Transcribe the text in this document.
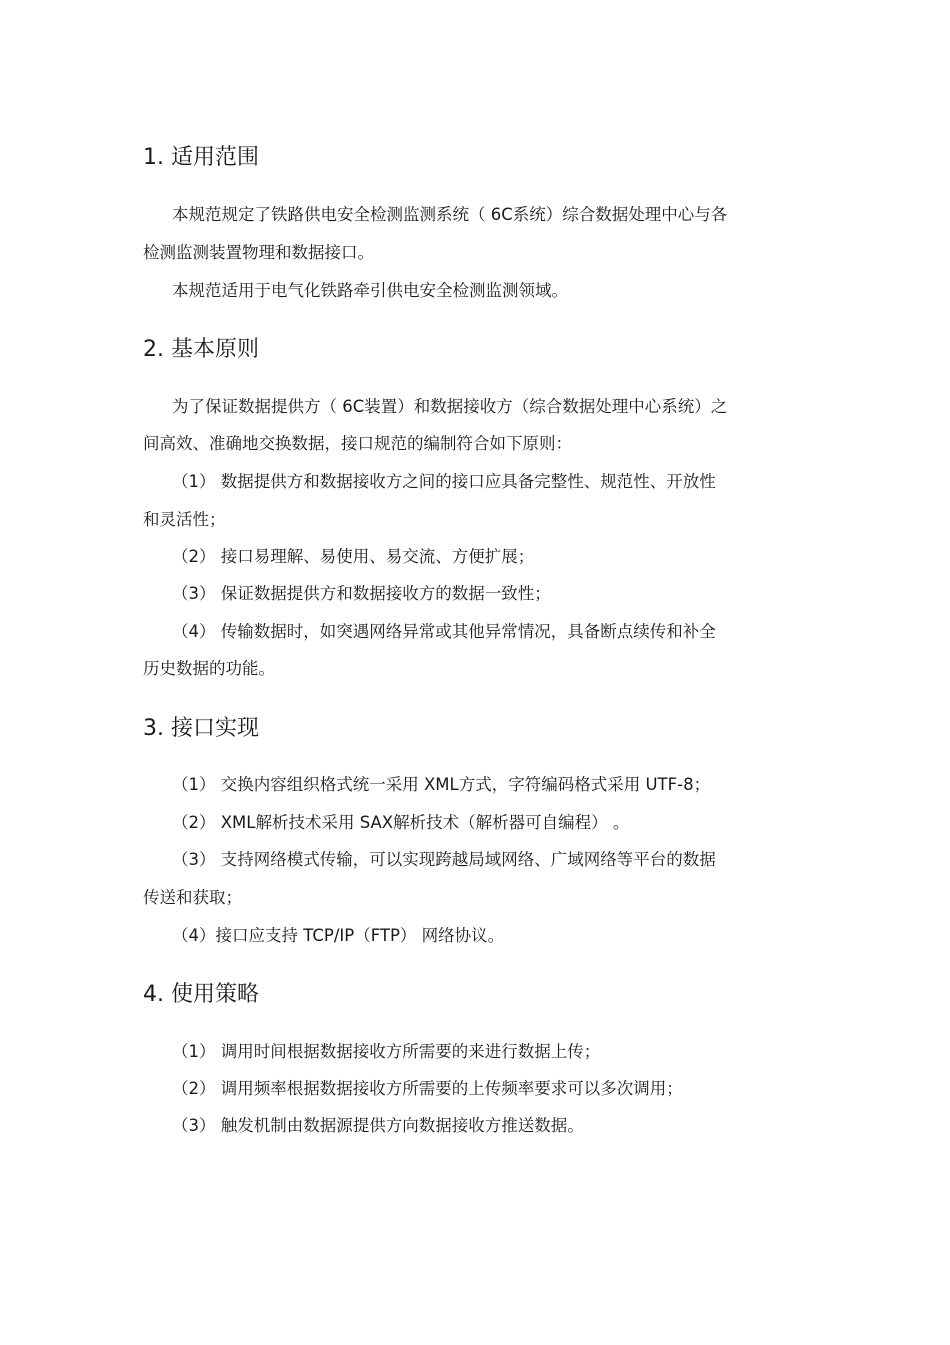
1. 适用范围
本规范规定了铁路供电安全检测监测系统（ 6C系统）综合数据处理中心与各
检测监测装置物理和数据接口。
本规范适用于电气化铁路牵引供电安全检测监测领域。
2. 基本原则
为了保证数据提供方（ 6C装置）和数据接收方（综合数据处理中心系统）之
间高效、准确地交换数据，接口规范的编制符合如下原则：
（1） 数据提供方和数据接收方之间的接口应具备完整性、规范性、开放性
和灵活性；
（2） 接口易理解、易使用、易交流、方便扩展；
（3） 保证数据提供方和数据接收方的数据一致性；
（4） 传输数据时，如突遇网络异常或其他异常情况，具备断点续传和补全
历史数据的功能。
3. 接口实现
（1） 交换内容组织格式统一采用 XML方式，字符编码格式采用 UTF-8；
（2） XML解析技术采用 SAX解析技术（解析器可自编程） 。
（3） 支持网络模式传输，可以实现跨越局域网络、广域网络等平台的数据
传送和获取；
（4）接口应支持 TCP/IP（FTP） 网络协议。
4. 使用策略
（1） 调用时间根据数据接收方所需要的来进行数据上传；
（2） 调用频率根据数据接收方所需要的上传频率要求可以多次调用；
（3） 触发机制由数据源提供方向数据接收方推送数据。
